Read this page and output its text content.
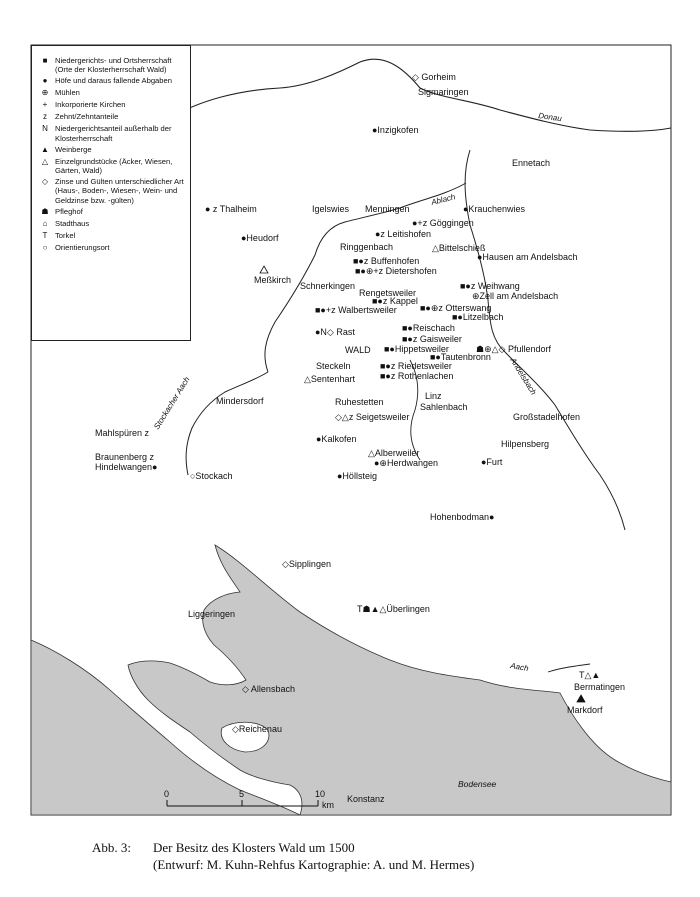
■ Niedergerichts- und Ortsherrschaft (Orte der Klosterherrschaft Wald)
● Höfe und daraus fallende Abgaben
⊕ Mühlen
+	Inkorporierte Kirchen
z	Zehnt/Zehntanteile
N Niedergerichtsanteil außerhalb der Klosterherrschaft
▲ Weinberge
△ Einzelgrundstücke (Äcker, Wiesen, Gärten, Wald)
◇ Zinse und Gülten unterschiedlicher Art (Haus-, Boden-, Wiesen-, Wein- und Geldzinse bzw. -gülten)
☗ Pfleghof
⌂ Stadthaus
T Torkel
○ Orientierungsort
◇ Gorheim
Sigmaringen
●Inzigkofen
Ennetach
●Krauchenwies
● z Thalheim	Igelswies Menningen
●+z Göggingen
●Heudorf	●z Leitishofen
Ringgenbach	△Bittelschieß
●Hausen am Andelsbach
Meßkirch
■●z Buffenhofen
■●⊕+z Dietershofen
Schnerkingen
Rengetsweiler
■●z Weihwang
⊕Zell am Andelsbach
■●z Kappel
■●⊕z Otterswang
■●+z Walbertsweiler
■●Litzelbach
■●Reischach
●N◇ Rast
■●z Gaisweiler
WALD ■●Hippetsweiler	☗⊕△◇ Pfullendorf
■●Tautenbronn
Steckeln	■●z Riedetsweiler
△Sentenhart	■●z Rothenlachen
Mindersdorf	Ruhestetten
Linz
Sahlenbach
Großstadelhofen
◇△z Seigetsweiler
Mahlspüren z
Hilpensberg
●Kalkofen
Braunenberg z
Hindelwangen●
△Alberweiler
●⊕Herdwangen	●Furt
○Stockach	●Höllsteig
Hohenbodman●
◇Sipplingen
Liggeringen	T☗▲△Überlingen
T△▲
Bermatingen
Markdorf
◇ Allensbach
◇Reichenau
Konstanz
Donau
Ablach
Stockacher Aach	Andelsbach
Aach
Bodensee
0	5	10
km
Abb. 3: Der Besitz des Klosters Wald um 1500
(Entwurf: M. Kuhn-Rehfus Kartographie: A. und M. Hermes)
